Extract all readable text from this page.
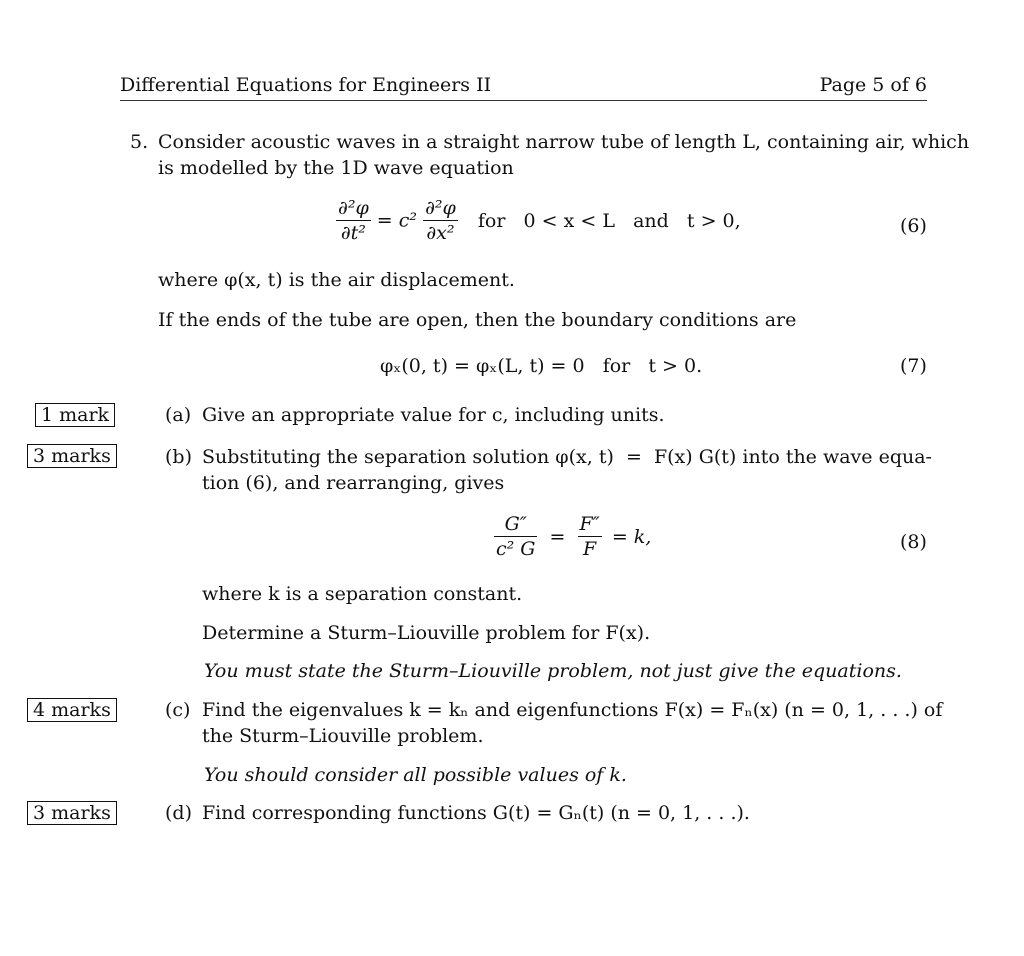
Differential Equations for Engineers II	Page 5 of 6
5. Consider acoustic waves in a straight narrow tube of length L, containing air, which
is modelled by the 1D wave equation
$\frac{\text{∂²φ}}{\text{∂t²}} = c^2 \frac{\text{∂²φ}}{\text{∂x²}}$ for   0 < x < L   and   t > 0,	(6)
where φ(x, t) is the air displacement.
If the ends of the tube are open, then the boundary conditions are
φₓ(0, t) = φₓ(L, t) = 0   for   t > 0.	(7)
1 mark	(a) Give an appropriate value for c, including units.
3 marks	(b) Substituting the separation solution φ(x, t)  =  F(x) G(t) into the wave equa-
tion (6), and rearranging, gives
$\frac{G''}{\text{c² G}} = \frac{F''}{F} = k$,	(8)
where k is a separation constant.
Determine a Sturm–Liouville problem for F(x).
You must state the Sturm–Liouville problem, not just give the equations.
4 marks	(c) Find the eigenvalues k = kₙ and eigenfunctions F(x) = Fₙ(x) (n = 0, 1, . . .) of
the Sturm–Liouville problem.
You should consider all possible values of k.
3 marks	(d) Find corresponding functions G(t) = Gₙ(t) (n = 0, 1, . . .).
